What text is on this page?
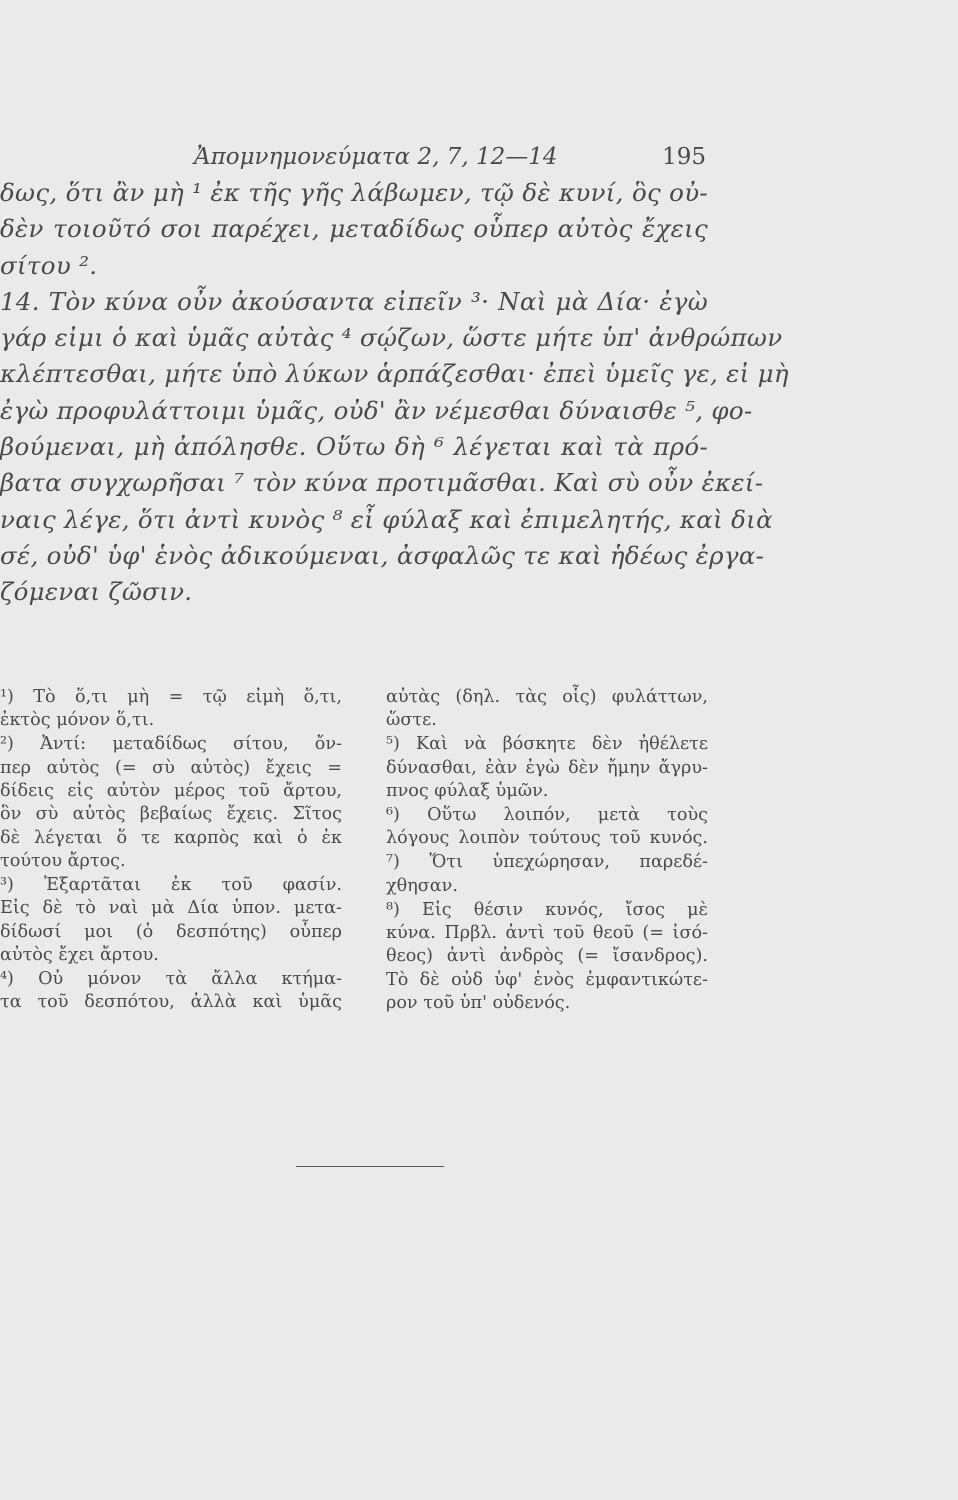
Ἀπομνημονεύματα 2, 7, 12—14	195
δως, ὅτι ἂν μὴ ¹ ἐκ τῆς γῆς λάβωμεν, τῷ δὲ κυνί, ὃς οὐ-
δὲν τοιοῦτό σοι παρέχει, μεταδίδως οὗπερ αὐτὸς ἔχεις
σίτου ².
14. Τὸν κύνα οὖν ἀκούσαντα εἰπεῖν ³· Ναὶ μὰ Δία· ἐγὼ
γάρ εἰμι ὁ καὶ ὑμᾶς αὐτὰς ⁴ σῴζων, ὥστε μήτε ὑπ' ἀνθρώπων
κλέπτεσθαι, μήτε ὑπὸ λύκων ἁρπάζεσθαι· ἐπεὶ ὑμεῖς γε, εἰ μὴ
ἐγὼ προφυλάττοιμι ὑμᾶς, οὐδ' ἂν νέμεσθαι δύναισθε ⁵, φο-
βούμεναι, μὴ ἀπόλησθε. Οὕτω δὴ ⁶ λέγεται καὶ τὰ πρό-
βατα συγχωρῆσαι ⁷ τὸν κύνα προτιμᾶσθαι. Καὶ σὺ οὖν ἐκεί-
ναις λέγε, ὅτι ἀντὶ κυνὸς ⁸ εἶ φύλαξ καὶ ἐπιμελητής, καὶ διὰ
σέ, οὐδ' ὑφ' ἑνὸς ἀδικούμεναι, ἀσφαλῶς τε καὶ ἡδέως ἐργα-
ζόμεναι ζῶσιν.
¹) Τὸ ὅ,τι μὴ = τῷ εἰμὴ ὅ,τι,
ἐκτὸς μόνον ὅ,τι.
²) Ἀντί: μεταδίδως σίτου, ὄν-
περ αὐτὸς (= σὺ αὐτὸς) ἔχεις =
δίδεις εἰς αὐτὸν μέρος τοῦ ἄρτου,
ὃν σὺ αὐτὸς βεβαίως ἔχεις. Σῖτος
δὲ λέγεται ὅ τε καρπὸς καὶ ὁ ἐκ
τούτου ἄρτος.
³) Ἐξαρτᾶται ἐκ τοῦ φασίν.
Εἰς δὲ τὸ ναὶ μὰ Δία ὑπον. μετα-
δίδωσί μοι (ὁ δεσπότης) οὗπερ
αὐτὸς ἔχει ἄρτου.
⁴) Οὐ μόνον τὰ ἄλλα κτήμα-
τα τοῦ δεσπότου, ἀλλὰ καὶ ὑμᾶς
αὐτὰς (δηλ. τὰς οἷς) φυλάττων,
ὥστε.
⁵) Καὶ νὰ βόσκητε δὲν ἠθέλετε
δύνασθαι, ἐὰν ἐγὼ δὲν ἤμην ἄγρυ-
πνος φύλαξ ὑμῶν.
⁶) Οὕτω λοιπόν, μετὰ τοὺς
λόγους λοιπὸν τούτους τοῦ κυνός.
⁷) Ὅτι ὑπεχώρησαν, παρεδέ-
χθησαν.
⁸) Εἰς θέσιν κυνός, ἴσος μὲ
κύνα. Πρβλ. ἀντὶ τοῦ θεοῦ (= ἰσό-
θεος) ἀντὶ ἀνδρὸς (= ἴσανδρος).
Τὸ δὲ οὐδ ὑφ' ἑνὸς ἐμφαντικώτε-
ρον τοῦ ὑπ' οὐδενός.
